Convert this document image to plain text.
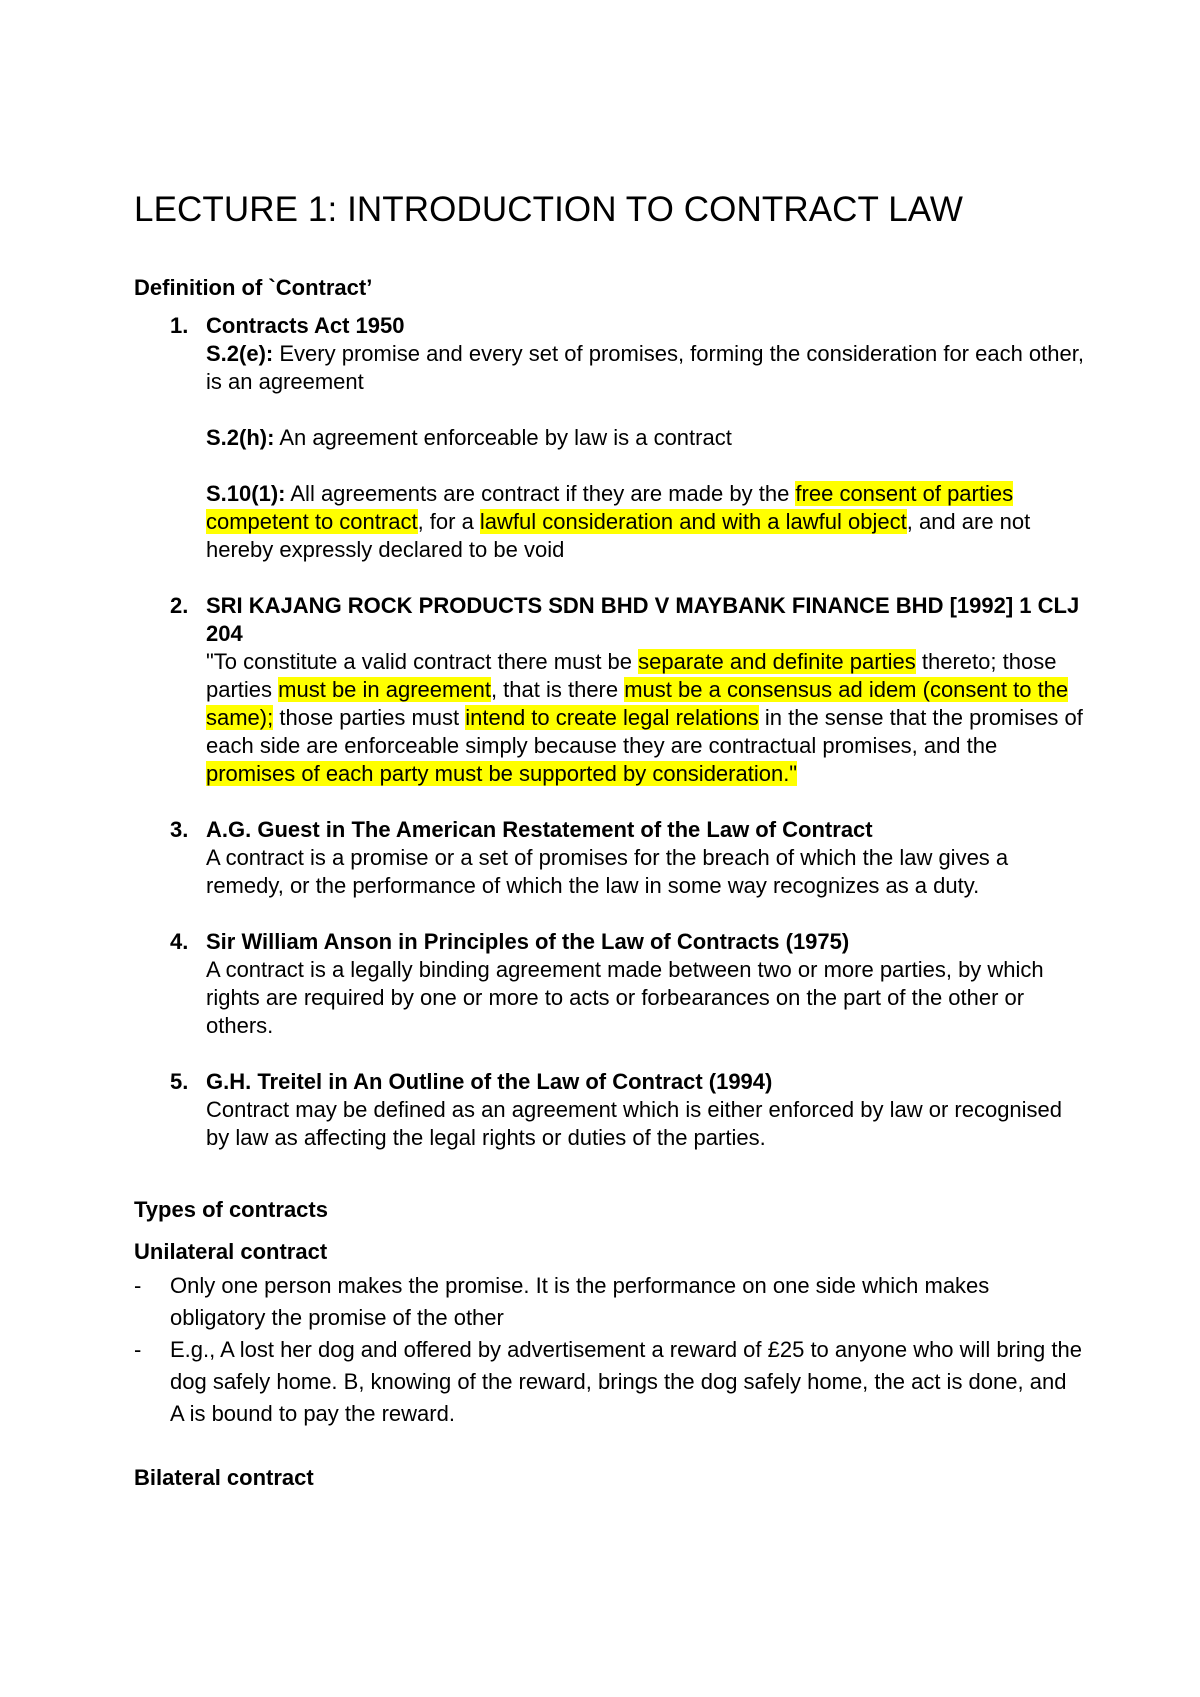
LECTURE 1: INTRODUCTION TO CONTRACT LAW

Definition of `Contract’

1. Contracts Act 1950
S.2(e): Every promise and every set of promises, forming the consideration for each other, is an agreement
S.2(h): An agreement enforceable by law is a contract
S.10(1): All agreements are contract if they are made by the free consent of parties competent to contract, for a lawful consideration and with a lawful object, and are not hereby expressly declared to be void
2. SRI KAJANG ROCK PRODUCTS SDN BHD V MAYBANK FINANCE BHD [1992] 1 CLJ 204
"To constitute a valid contract there must be separate and definite parties thereto; those parties must be in agreement, that is there must be a consensus ad idem (consent to the same); those parties must intend to create legal relations in the sense that the promises of each side are enforceable simply because they are contractual promises, and the promises of each party must be supported by consideration."
3. A.G. Guest in The American Restatement of the Law of Contract
A contract is a promise or a set of promises for the breach of which the law gives a remedy, or the performance of which the law in some way recognizes as a duty.
4. Sir William Anson in Principles of the Law of Contracts (1975)
A contract is a legally binding agreement made between two or more parties, by which rights are required by one or more to acts or forbearances on the part of the other or others.
5. G.H. Treitel in An Outline of the Law of Contract (1994)
Contract may be defined as an agreement which is either enforced by law or recognised by law as affecting the legal rights or duties of the parties.

Types of contracts

Unilateral contract

- Only one person makes the promise. It is the performance on one side which makes obligatory the promise of the other
- E.g., A lost her dog and offered by advertisement a reward of £25 to anyone who will bring the dog safely home. B, knowing of the reward, brings the dog safely home, the act is done, and A is bound to pay the reward.

Bilateral contract
